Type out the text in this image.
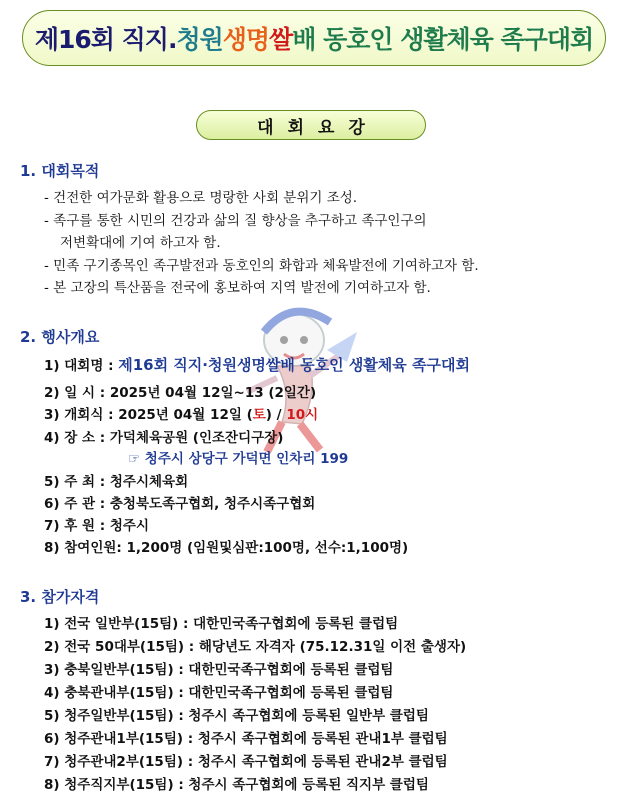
제16회 직지. 청원 생명 쌀 배 동호인 생활체육 족구대회
대회요강
1. 대회목적
- 건전한 여가문화 활용으로 명랑한 사회 분위기 조성.
- 족구를 통한 시민의 건강과 삶의 질 향상을 추구하고 족구인구의
저변확대에 기여 하고자 함.
- 민족 구기종목인 족구발전과 동호인의 화합과 체육발전에 기여하고자 함.
- 본 고장의 특산품을 전국에 홍보하여 지역 발전에 기여하고자 함.
2. 행사개요
1) 대회명 : 제16회 직지·청원생명쌀배 동호인 생활체육 족구대회
2) 일 시 : 2025년 04월 12일~13 (2일간)
3) 개회식 : 2025년 04월 12일 (토) / 10시
4) 장 소 : 가덕체육공원 (인조잔디구장)
☞ 청주시 상당구 가덕면 인차리 199
5) 주 최 : 청주시체육회
6) 주 관 : 충청북도족구협회, 청주시족구협회
7) 후 원 : 청주시
8) 참여인원: 1,200명 (임원및심판:100명, 선수:1,100명)
3. 참가자격
1) 전국 일반부(15팀) : 대한민국족구협회에 등록된 클럽팀
2) 전국 50대부(15팀) : 해당년도 자격자 (75.12.31일 이전 출생자)
3) 충북일반부(15팀) : 대한민국족구협회에 등록된 클럽팀
4) 충북관내부(15팀) : 대한민국족구협회에 등록된 클럽팀
5) 청주일반부(15팀) : 청주시 족구협회에 등록된 일반부 클럽팀
6) 청주관내1부(15팀) : 청주시 족구협회에 등록된 관내1부 클럽팀
7) 청주관내2부(15팀) : 청주시 족구협회에 등록된 관내2부 클럽팀
8) 청주직지부(15팀) : 청주시 족구협회에 등록된 직지부 클럽팀
